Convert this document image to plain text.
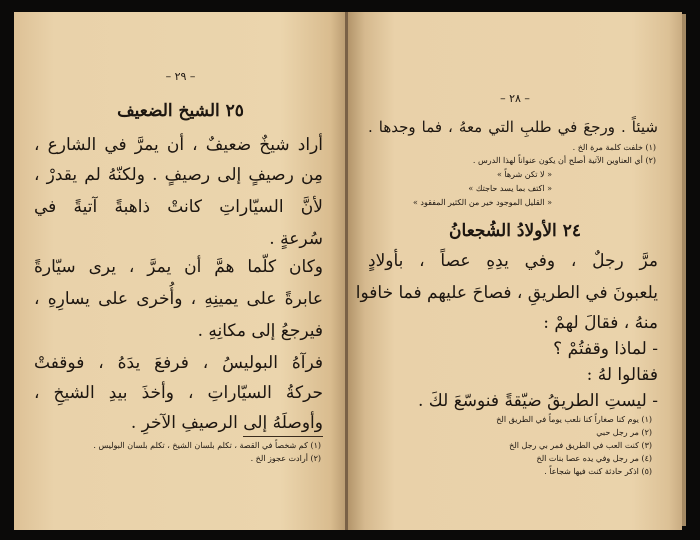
– ٢٩ –
٢٥ الشيخ الضعيف
أراد شيخٌ ضعيفٌ ، أن يمرَّ في الشارع ،
مِن رصيفٍ إلى رصيفٍ . ولكنّهُ لم يقدرْ ،
لأنَّ السيّاراتِ كانتْ ذاهبةً آتيةً في
سُرعةٍ .
وكان كلّما همَّ أن يمرَّ ، يرى سيّارةً
عابرةً على يمينِهِ ، وأُخرى على يسارِهِ ،
فيرجعُ إلى مكانِهِ .
فرآهُ البوليسُ ، فرفعَ يدَهُ ، فوقفتْ
حركةُ السيّاراتِ ، وأخذَ بيدِ الشيخِ ،
وأوصلَهُ إلى الرصيفِ الآخرِ .
(١) كم شخصاً في القصة ، تكلم بلسان الشيخ ، تكلم بلسان البوليس .
(٢) أرادت عجوز الخ .
– ٢٨ –
شيئاً . ورجعَ في طلبِ التي معهُ ، فما وجدها .
(١) خلفت كلمة مرة الخ .
(٢) أي العناوين الآتية أصلح أن يكون عنواناً لهذا الدرس .
« لا تكن شرهاً »
« اكتف بما يسد حاجتك »
« القليل الموجود خير من الكثير المفقود »
٢٤ الأولادُ الشُجعانُ
مرَّ رجلٌ ، وفي يدِهِ عصاً ، بأولادٍ
يلعبونَ في الطريقِ ، فصاحَ عليهم فما خافوا
منهُ ، فقالَ لهمْ :
- لماذا وقفتُمْ ؟
فقالوا لهُ :
- ليستِ الطريقُ ضيّقةً فنوسّعَ لكَ .
(١) يوم كنا صغاراً كنا نلعب يوماً في الطريق الخ
(٢) مر رجل حبي
(٣) كنت العب في الطريق فمر بي رجل الخ
(٤) مر رجل وفي يده عصا بنات الخ
(٥) اذكر حادثة كنت فيها شجاعاً .
